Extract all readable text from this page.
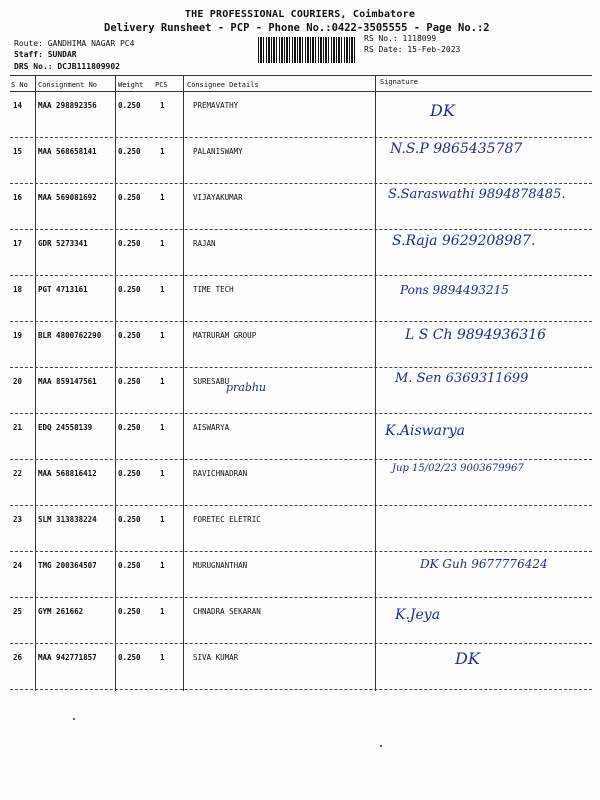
THE PROFESSIONAL COURIERS, Coimbatore
Delivery Runsheet - PCP - Phone No.:0422-3505555 - Page No.:2
Route: GANDHIMA NAGAR PC4
Staff: SUNDAR
DRS No.: DCJB111809902
RS No.: 1118099
RS Date: 15-Feb-2023
S No Consignment No	Weight PCS	Consignee Details	Signature
14 MAA 298892356	0.250	1	PREMAVATHY	DK
15 MAA 568658141	0.250	1	PALANISWAMY	N.S.P 9865435787
16 MAA 569081692	0.250	1	VIJAYAKUMAR	S.Saraswathi 9894878485.
17 GDR 5273341	0.250	1	RAJAN	S.Raja 9629208987.
18 PGT 4713161	0.250	1	TIME TECH	Pons 9894493215
19 BLR 4800762290 0.250	1	MATRURAM GROUP	L S Ch 9894936316
20 MAA 859147561	0.250	1	SURESABU	M. Sen 6369311699
prabhu
21 EDQ 24558139	0.250	1	AISWARYA	K.Aiswarya
22 MAA 568816412	0.250	1	RAVICHNADRAN	Jup 15/02/23 9003679967
23 SLM 313838224	0.250	1	FORETEC ELETRIC
24 TMG 200364507	0.250	1	MURUGNANTHAN	DK Guh 9677776424
25 GYM 261662	0.250	1	CHNADRA SEKARAN	K.Jeya
26 MAA 942771857	0.250	1	SIVA KUMAR	DK
